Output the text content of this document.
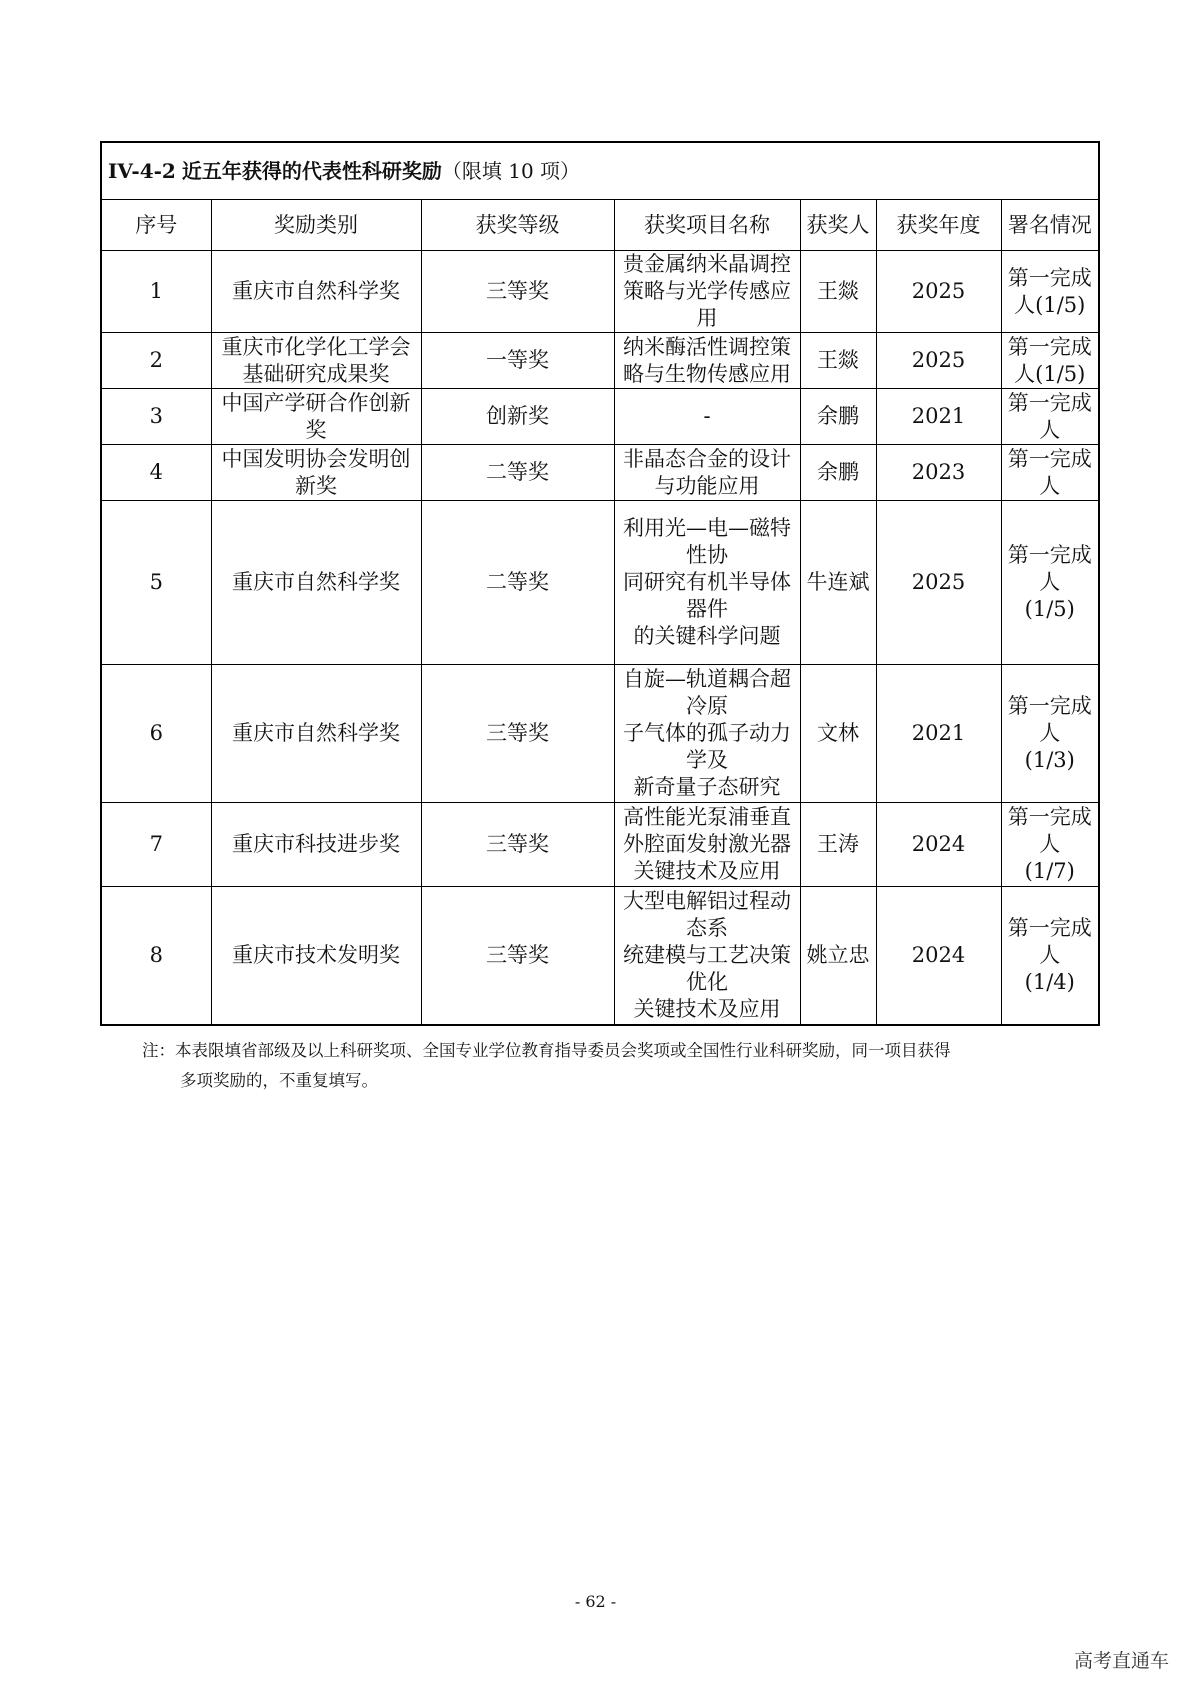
IV-4-2 近五年获得的代表性科研奖励（限填 10 项）						
序号	奖励类别	获奖等级	获奖项目名称	获奖人	获奖年度	署名情况
1	重庆市自然科学奖	三等奖	贵金属纳米晶调控
策略与光学传感应
用	王燚	2025	第一完成
人(1/5)

2	重庆市化学化工学会
基础研究成果奖	一等奖	纳米酶活性调控策
略与生物传感应用	王燚	2025	第一完成
人(1/5)

3	中国产学研合作创新
奖	创新奖	-	余鹏	2021	第一完成
人

4	中国发明协会发明创
新奖	二等奖	非晶态合金的设计
与功能应用	余鹏	2023	第一完成
人

5	重庆市自然科学奖	二等奖	利用光—电—磁特
性协
同研究有机半导体
器件
的关键科学问题	牛连斌	2025	第一完成
人
(1/5)

6	重庆市自然科学奖	三等奖	自旋—轨道耦合超
冷原
子气体的孤子动力
学及
新奇量子态研究	文林	2021	第一完成
人
(1/3)

7	重庆市科技进步奖	三等奖	高性能光泵浦垂直
外腔面发射激光器
关键技术及应用	王涛	2024	第一完成
人
(1/7)

8	重庆市技术发明奖	三等奖	大型电解铝过程动
态系
统建模与工艺决策
优化
关键技术及应用	姚立忠	2024	第一完成
人
(1/4)
注：本表限填省部级及以上科研奖项、全国专业学位教育指导委员会奖项或全国性行业科研奖励，同一项目获得
多项奖励的，不重复填写。
- 62 -
高考直通车
